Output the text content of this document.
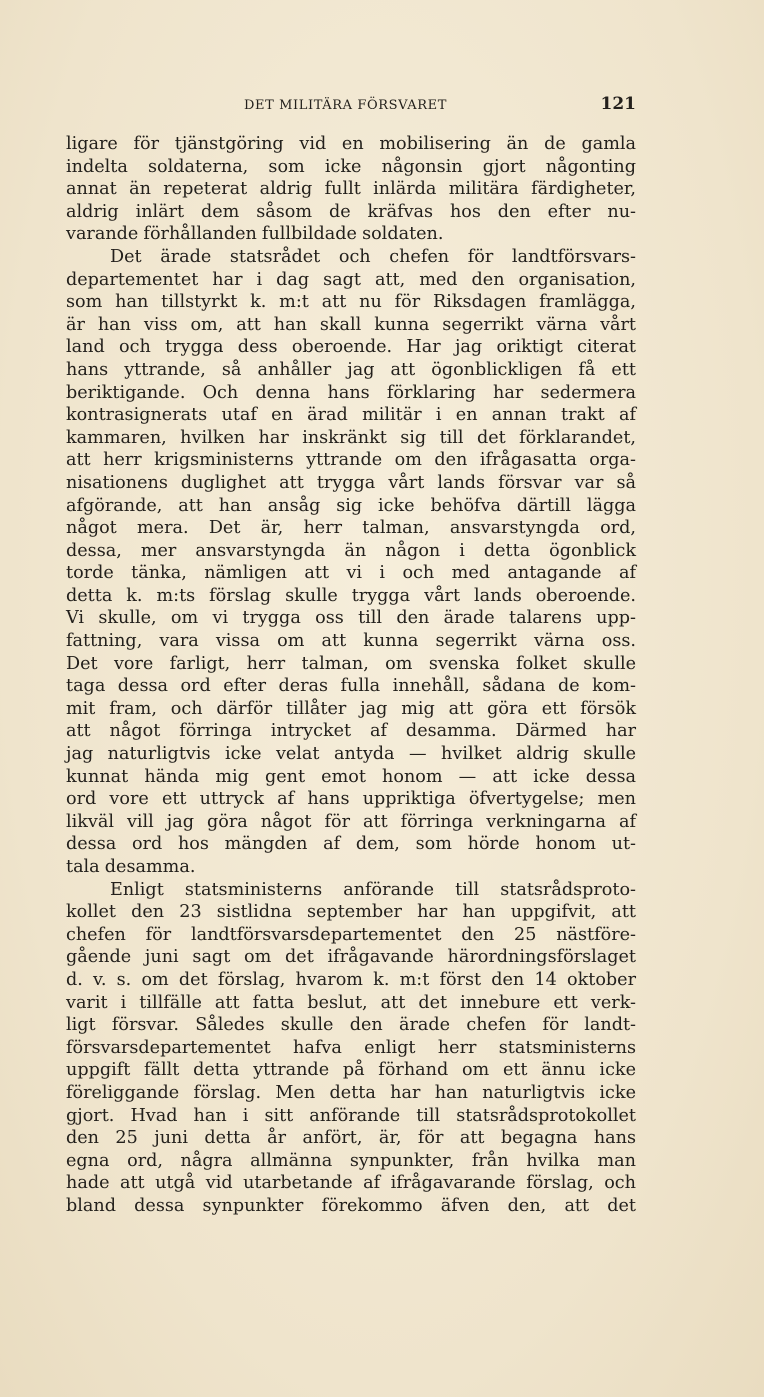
DET MILITÄRA FÖRSVARET	121
ligare för tjänstgöring vid en mobilisering än de gamla
indelta soldaterna, som icke någonsin gjort någonting
annat än repeterat aldrig fullt inlärda militära färdigheter,
aldrig inlärt dem såsom de kräfvas hos den efter nu-
varande förhållanden fullbildade soldaten.
Det ärade statsrådet och chefen för landtförsvars-
departementet har i dag sagt att, med den organisation,
som han tillstyrkt k. m:t att nu för Riksdagen framlägga,
är han viss om, att han skall kunna segerrikt värna vårt
land och trygga dess oberoende. Har jag oriktigt citerat
hans yttrande, så anhåller jag att ögonblickligen få ett
beriktigande. Och denna hans förklaring har sedermera
kontrasignerats utaf en ärad militär i en annan trakt af
kammaren, hvilken har inskränkt sig till det förklarandet,
att herr krigsministerns yttrande om den ifrågasatta orga-
nisationens duglighet att trygga vårt lands försvar var så
afgörande, att han ansåg sig icke behöfva därtill lägga
något mera. Det är, herr talman, ansvarstyngda ord,
dessa, mer ansvarstyngda än någon i detta ögonblick
torde tänka, nämligen att vi i och med antagande af
detta k. m:ts förslag skulle trygga vårt lands oberoende.
Vi skulle, om vi trygga oss till den ärade talarens upp-
fattning, vara vissa om att kunna segerrikt värna oss.
Det vore farligt, herr talman, om svenska folket skulle
taga dessa ord efter deras fulla innehåll, sådana de kom-
mit fram, och därför tillåter jag mig att göra ett försök
att något förringa intrycket af desamma. Därmed har
jag naturligtvis icke velat antyda — hvilket aldrig skulle
kunnat hända mig gent emot honom — att icke dessa
ord vore ett uttryck af hans uppriktiga öfvertygelse; men
likväl vill jag göra något för att förringa verkningarna af
dessa ord hos mängden af dem, som hörde honom ut-
tala desamma.
Enligt statsministerns anförande till statsrådsproto-
kollet den 23 sistlidna september har han uppgifvit, att
chefen för landtförsvarsdepartementet den 25 nästföre-
gående juni sagt om det ifrågavande härordningsförslaget
d. v. s. om det förslag, hvarom k. m:t först den 14 oktober
varit i tillfälle att fatta beslut, att det innebure ett verk-
ligt försvar. Således skulle den ärade chefen för landt-
försvarsdepartementet hafva enligt herr statsministerns
uppgift fällt detta yttrande på förhand om ett ännu icke
föreliggande förslag. Men detta har han naturligtvis icke
gjort. Hvad han i sitt anförande till statsrådsprotokollet
den 25 juni detta år anfört, är, för att begagna hans
egna ord, några allmänna synpunkter, från hvilka man
hade att utgå vid utarbetande af ifrågavarande förslag, och
bland dessa synpunkter förekommo äfven den, att det
